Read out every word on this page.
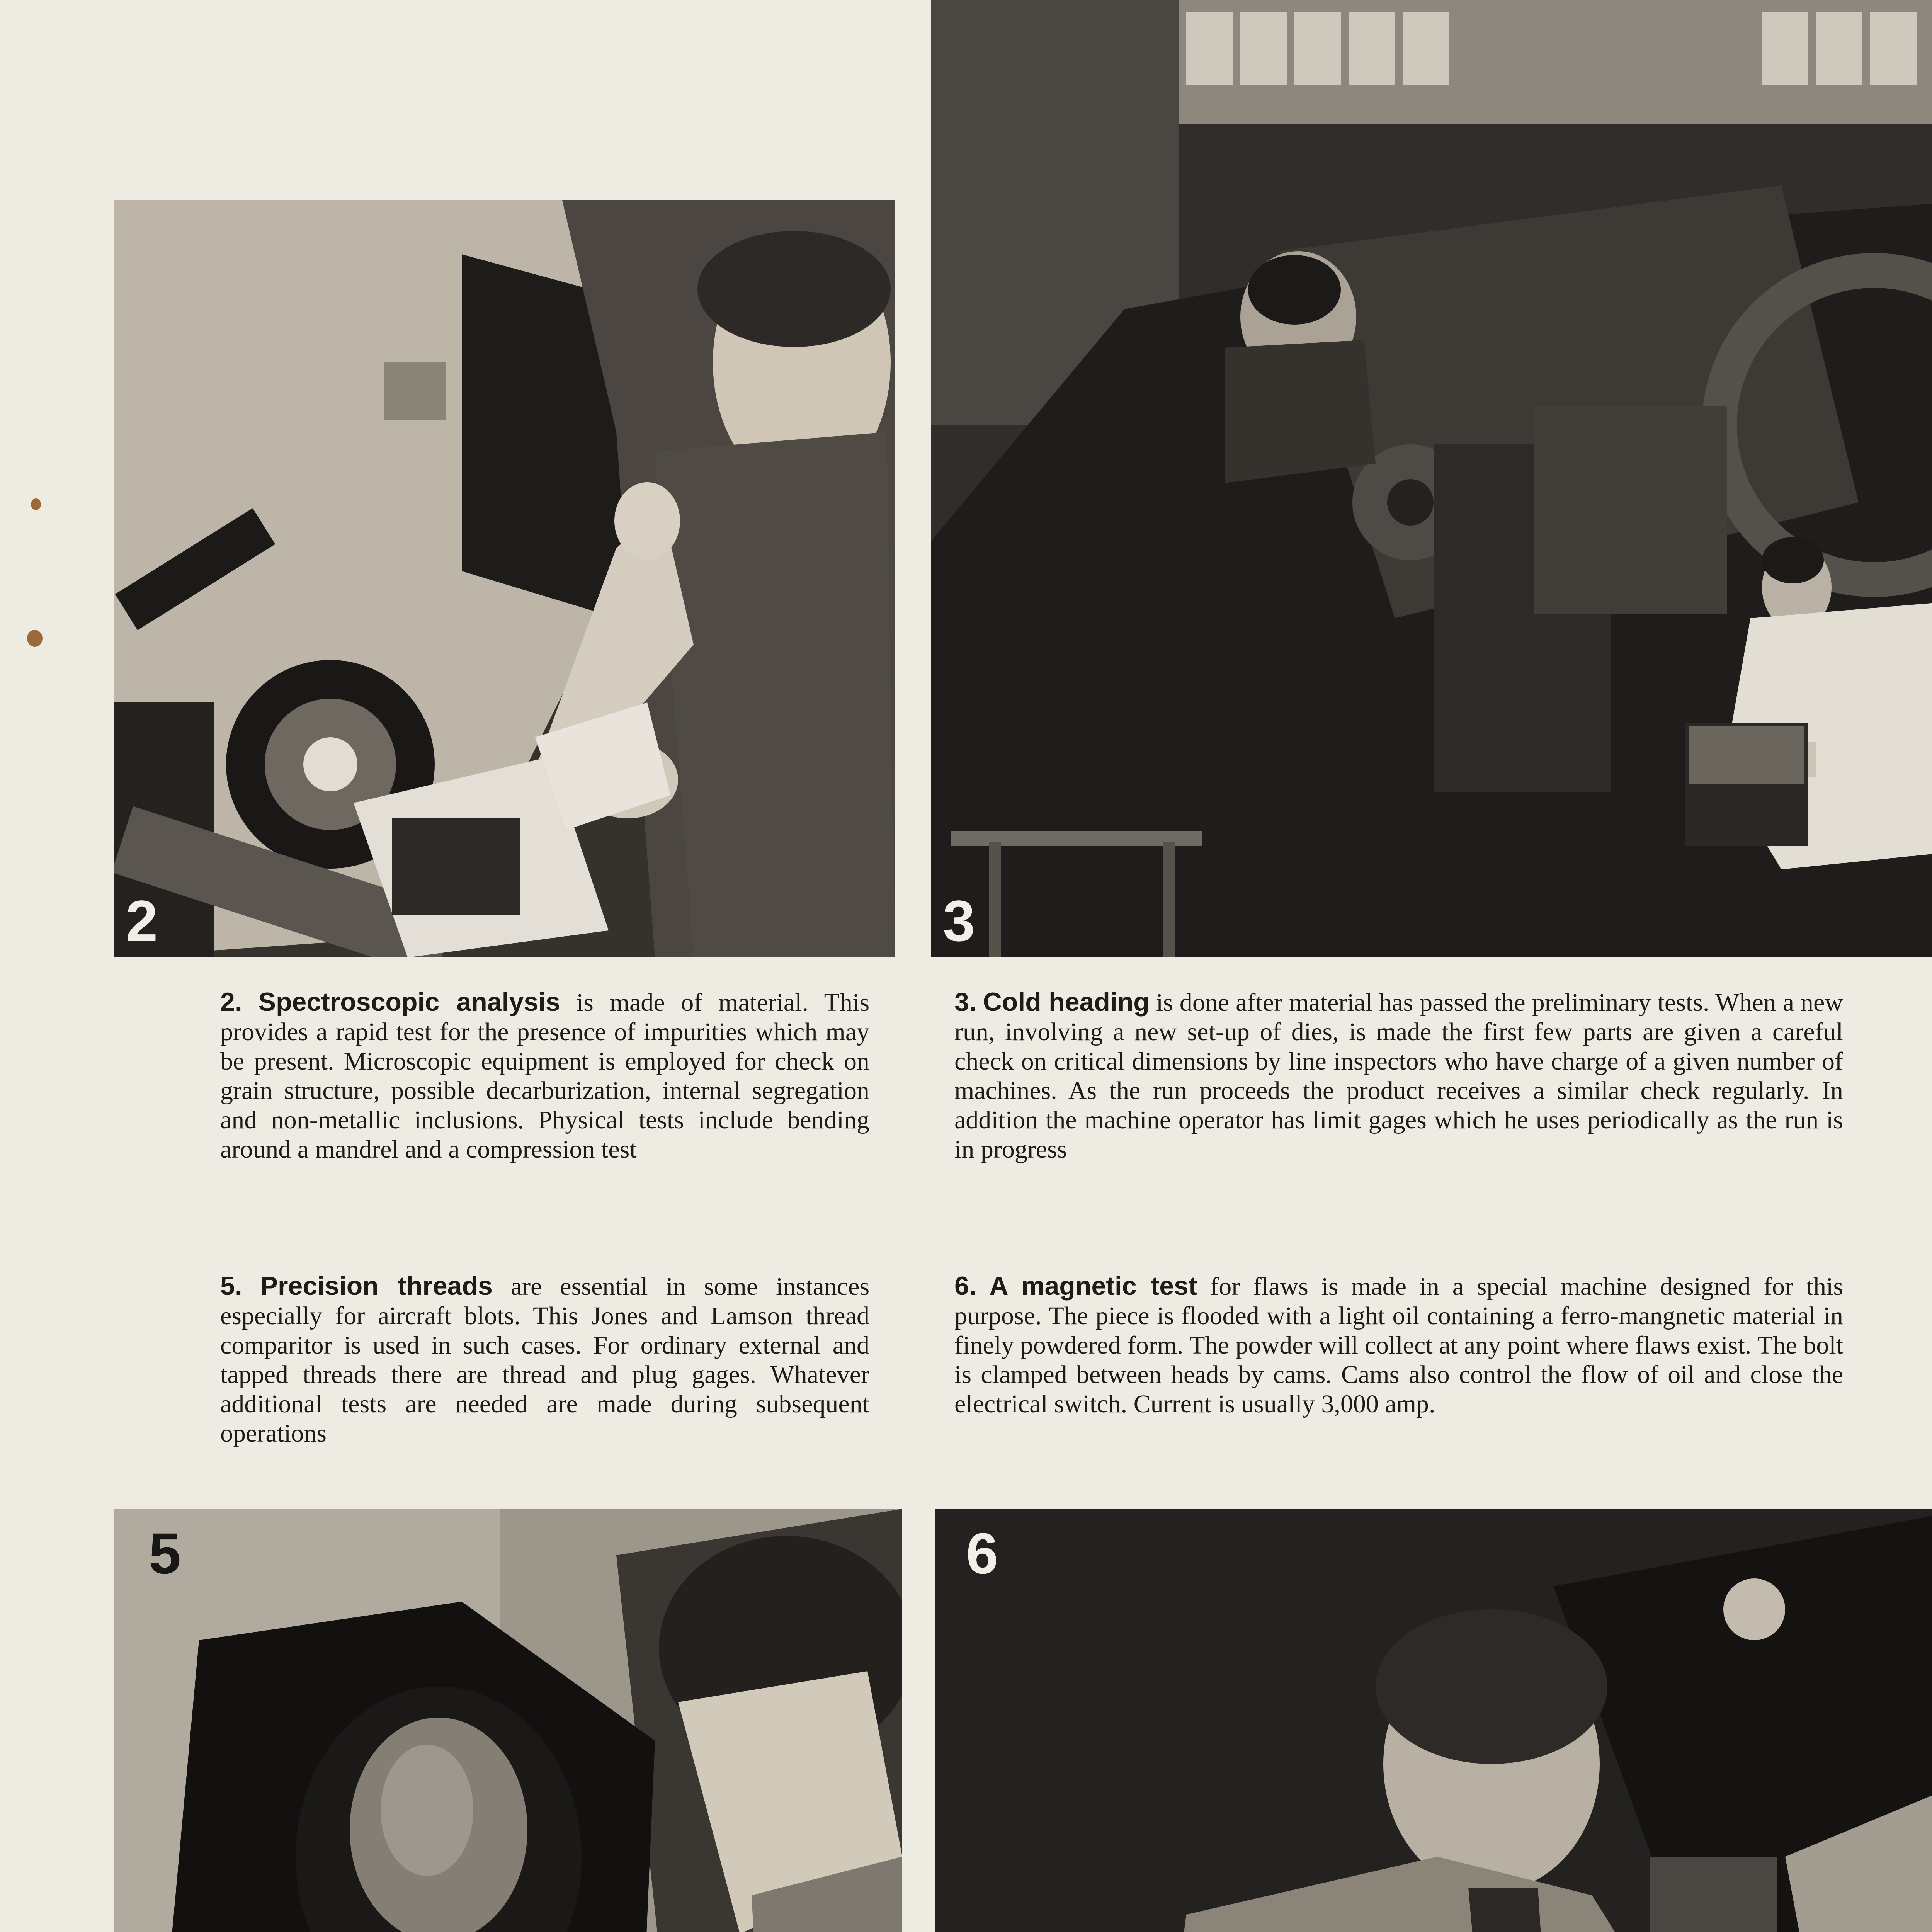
2	3
2. Spectroscopic analysis is made of material. This provides a rapid test for the presence of impurities which may be present. Microscopic equipment is employed for check on grain structure, possible decarburization, internal segregation and non-metallic inclusions. Physical tests include bending around a mandrel and a compression test
3. Cold heading is done after material has passed the preliminary tests. When a new run, involving a new set-up of dies, is made the first few parts are given a careful check on critical dimensions by line inspectors who have charge of a given number of machines. As the run proceeds the product receives a similar check regularly. In addition the machine operator has limit gages which he uses periodically as the run is in progress
5. Precision threads are essential in some instances especially for aircraft blots. This Jones and Lamson thread comparitor is used in such cases. For ordinary external and tapped threads there are thread and plug gages. Whatever additional tests are needed are made during subsequent operations
6. A magnetic test for flaws is made in a special machine designed for this purpose. The piece is flooded with a light oil containing a ferro-mangnetic material in finely powdered form. The powder will collect at any point where flaws exist. The bolt is clamped between heads by cams. Cams also control the flow of oil and close the electrical switch. Current is usually 3,000 amp.
5	6
